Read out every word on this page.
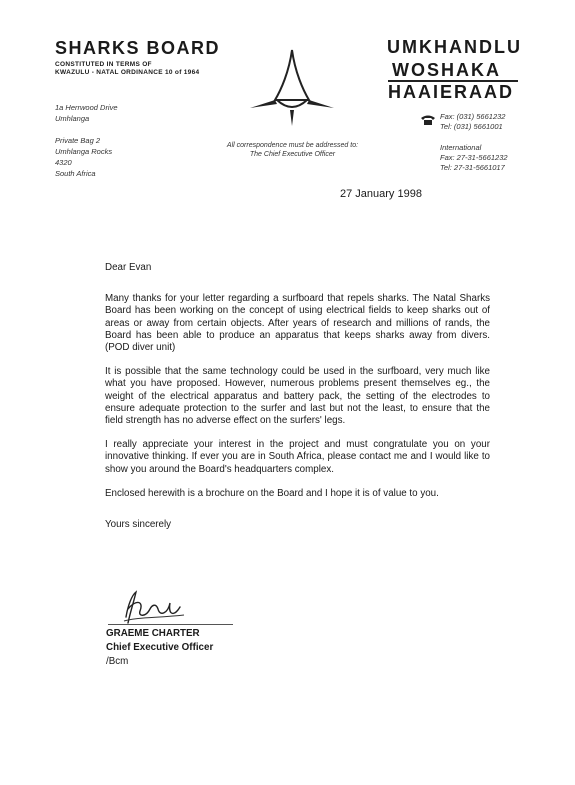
SHARKS BOARD
CONSTITUTED IN TERMS OF
KWAZULU - NATAL ORDINANCE 10 of 1964
UMKHANDLU
WOSHAKA
HAAIERAAD
1a Herrwood Drive
Umhlanga

Private Bag 2
Umhlanga Rocks
4320
South Africa
All correspondence must be addressed to:
The Chief Executive Officer
Fax: (031) 5661232
Tel: (031) 5661001
International
Fax: 27-31-5661232
Tel: 27-31-5661017
27 January 1998

Dear Evan

Many thanks for your letter regarding a surfboard that repels sharks. The Natal Sharks Board has been working on the concept of using electrical fields to keep sharks out of areas or away from certain objects. After years of research and millions of rands, the Board has been able to produce an apparatus that keeps sharks away from divers. (POD diver unit)

It is possible that the same technology could be used in the surfboard, very much like what you have proposed. However, numerous problems present themselves eg., the weight of the electrical apparatus and battery pack, the setting of the electrodes to ensure adequate protection to the surfer and last but not the least, to ensure that the field strength has no adverse effect on the surfers' legs.

I really appreciate your interest in the project and must congratulate you on your innovative thinking. If ever you are in South Africa, please contact me and I would like to show you around the Board's headquarters complex.

Enclosed herewith is a brochure on the Board and I hope it is of value to you.

Yours sincerely

GRAEME CHARTER
Chief Executive Officer
/Bcm
